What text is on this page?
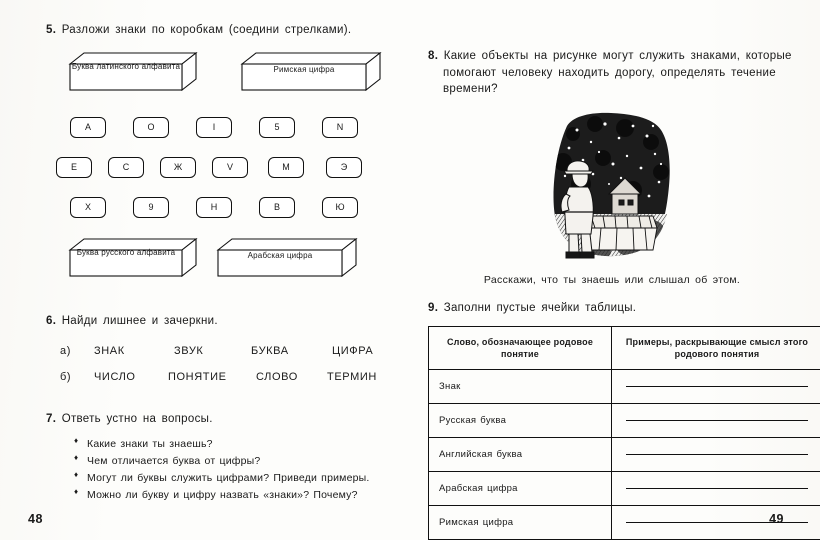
5. Разложи знаки по коробкам (соедини стрелками).
Буква латинского алфавита	Римская цифра
A	O	I	5	N
E	C	Ж	V	M	Э
X	9	H	B	Ю
Буква русского алфавита	Арабская цифра
6. Найди лишнее и зачеркни.
а) ЗНАК	ЗВУК	БУКВА	ЦИФРА
б) ЧИСЛО	ПОНЯТИЕ	СЛОВО	ТЕРМИН
7. Ответь устно на вопросы.
♦ Какие знаки ты знаешь?
♦ Чем отличается буква от цифры?
♦ Могут ли буквы служить цифрами? Приведи примеры.
♦ Можно ли букву и цифру назвать «знаки»? Почему?
8. Какие объекты на рисунке могут служить знаками, которые помогают человеку находить дорогу, определять течение времени?
Расскажи, что ты знаешь или слышал об этом.
9. Заполни пустые ячейки таблицы.
Слово, обозначающее родовое понятие	Примеры, раскрывающие смысл этого родового понятия
Знак	

Русская буква	

Английская буква	

Арабская цифра	

Римская цифра	
48	49
